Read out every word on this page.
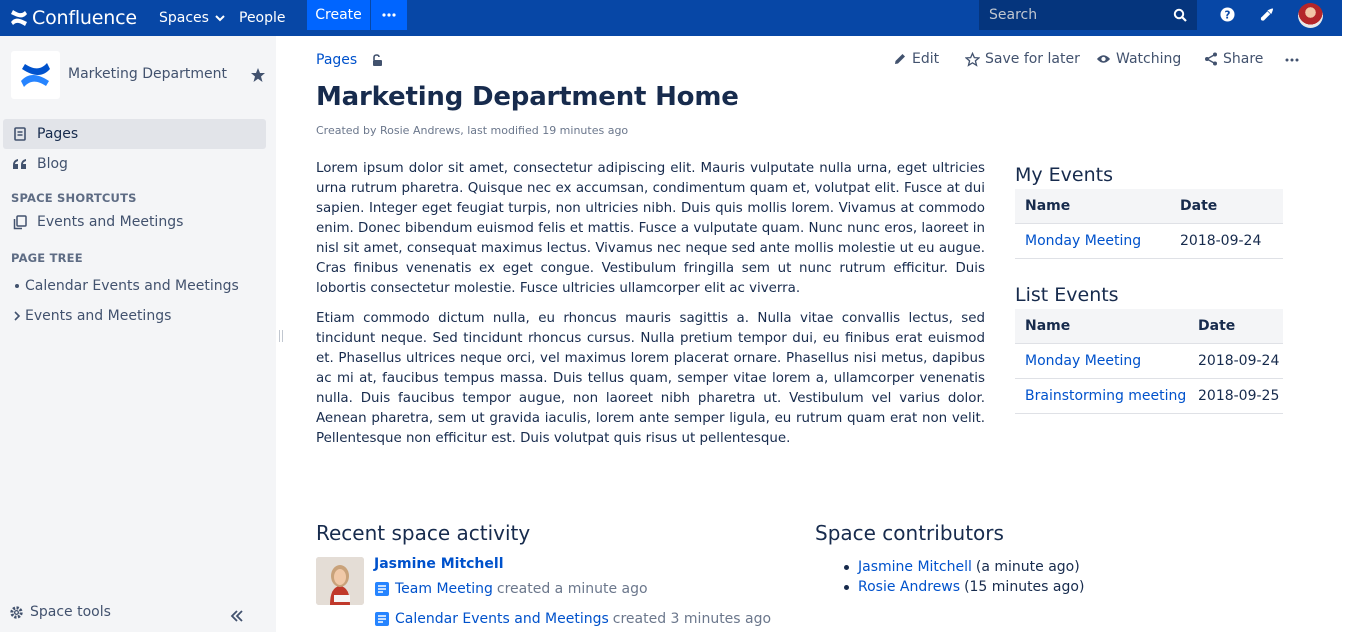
Confluence Spaces People	Create	Search	?
Marketing Department
Pages
Blog
SPACE SHORTCUTS
Events and Meetings
PAGE TREE
Calendar Events and Meetings
Events and Meetings
Space tools
Pages	Edit	Save for later	Watching	Share
Marketing Department Home
Created by Rosie Andrews, last modified 19 minutes ago

Lorem ipsum dolor sit amet, consectetur adipiscing elit. Mauris vulputate nulla urna, eget ultricies urna rutrum pharetra. Quisque nec ex accumsan, condimentum quam et, volutpat elit. Fusce at dui sapien. Integer eget feugiat turpis, non ultricies nibh. Duis quis mollis lorem. Vivamus at commodo enim. Donec bibendum euismod felis et mattis. Fusce a vulputate quam. Nunc nunc eros, laoreet in nisl sit amet, consequat maximus lectus. Vivamus nec neque sed ante mollis molestie ut eu augue. Cras finibus venenatis ex eget congue. Vestibulum fringilla sem ut nunc rutrum efficitur. Duis lobortis consectetur molestie. Fusce ultricies ullamcorper elit ac viverra.

Etiam commodo dictum nulla, eu rhoncus mauris sagittis a. Nulla vitae convallis lectus, sed tincidunt neque. Sed tincidunt rhoncus cursus. Nulla pretium tempor dui, eu finibus erat euismod et. Phasellus ultrices neque orci, vel maximus lorem placerat ornare. Phasellus nisi metus, dapibus ac mi at, faucibus tempus massa. Duis tellus quam, semper vitae lorem a, ullamcorper venenatis nulla. Duis faucibus tempor augue, non laoreet nibh pharetra ut. Vestibulum vel varius dolor. Aenean pharetra, sem ut gravida iaculis, lorem ante semper ligula, eu rutrum quam erat non velit. Pellentesque non efficitur est. Duis volutpat quis risus ut pellentesque.

My Events
Name	Date
Monday Meeting	2018-09-24
List Events
Name	Date
Monday Meeting	2018-09-24
Brainstorming meeting	2018-09-25
Recent space activity
Jasmine Mitchell
Team Meeting created a minute ago
Calendar Events and Meetings created 3 minutes ago
Space contributors
Jasmine Mitchell (a minute ago)
Rosie Andrews (15 minutes ago)
